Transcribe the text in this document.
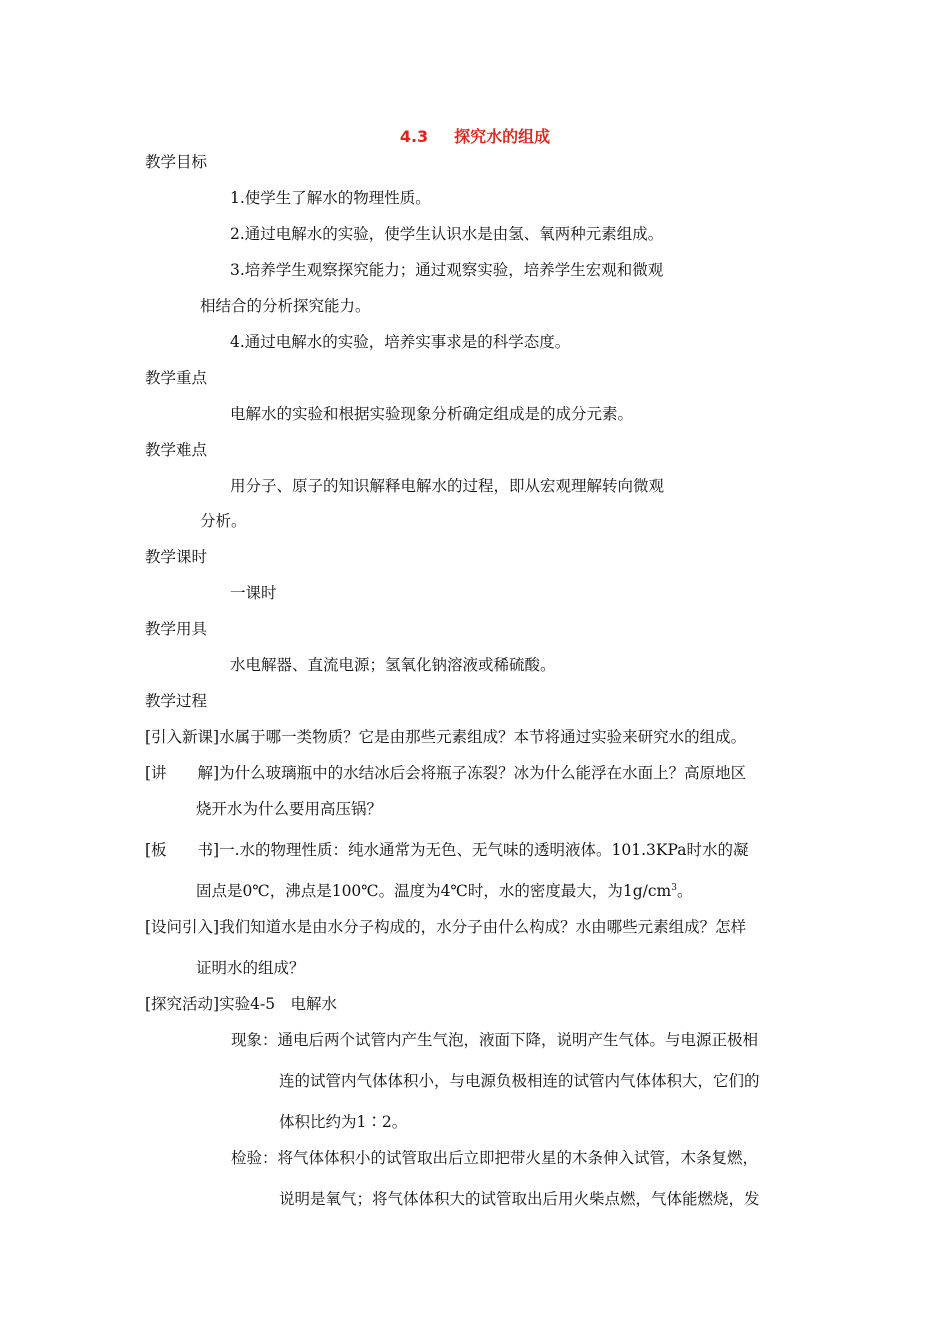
4.3 探究水的组成
教学目标
1.使学生了解水的物理性质。
2.通过电解水的实验，使学生认识水是由氢、氧两种元素组成。
3.培养学生观察探究能力；通过观察实验，培养学生宏观和微观
相结合的分析探究能力。
4.通过电解水的实验，培养实事求是的科学态度。
教学重点
电解水的实验和根据实验现象分析确定组成是的成分元素。
教学难点
用分子、原子的知识解释电解水的过程，即从宏观理解转向微观
分析。
教学课时
一课时
教学用具
水电解器、直流电源；氢氧化钠溶液或稀硫酸。
教学过程
[引入新课]水属于哪一类物质？它是由那些元素组成？本节将通过实验来研究水的组成。
[讲　　解]为什么玻璃瓶中的水结冰后会将瓶子冻裂？冰为什么能浮在水面上？高原地区
烧开水为什么要用高压锅？
[板　　书]一.水的物理性质：纯水通常为无色、无气味的透明液体。101.3KPa时水的凝
固点是0℃，沸点是100℃。温度为4℃时，水的密度最大，为$1g/cm^3$。
[设问引入]我们知道水是由水分子构成的，水分子由什么构成？水由哪些元素组成？怎样
证明水的组成？
[探究活动]实验4-5　电解水
现象：通电后两个试管内产生气泡，液面下降，说明产生气体。与电源正极相
连的试管内气体体积小，与电源负极相连的试管内气体体积大，它们的
体积比约为1∶2。
检验：将气体体积小的试管取出后立即把带火星的木条伸入试管，木条复燃，
说明是氧气；将气体体积大的试管取出后用火柴点燃，气体能燃烧，发
